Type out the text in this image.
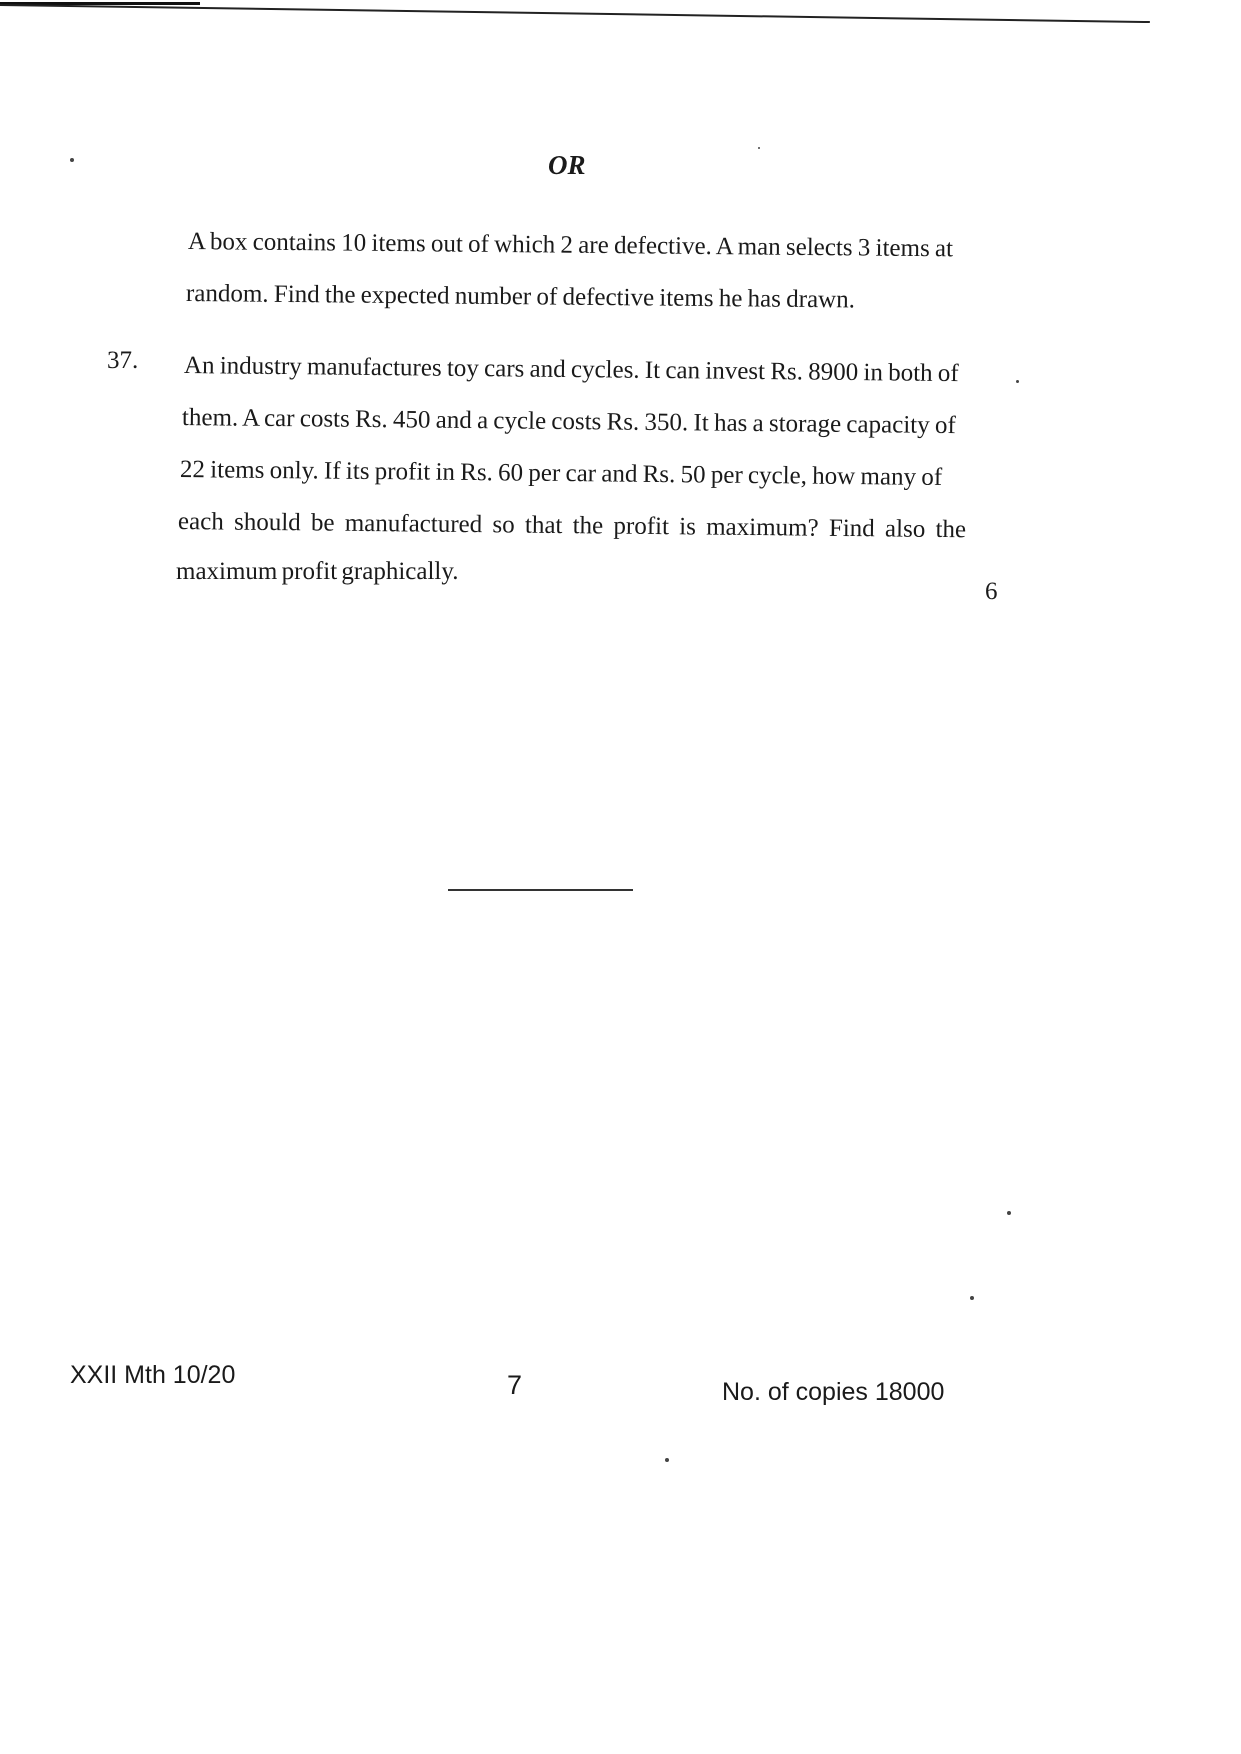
OR
A box contains 10 items out of which 2 are defective. A man selects 3 items at
random. Find the expected number of defective items he has drawn.
37. An industry manufactures toy cars and cycles. It can invest Rs. 8900 in both of
them. A car costs Rs. 450 and a cycle costs Rs. 350. It has a storage capacity of
22 items only. If its profit in Rs. 60 per car and Rs. 50 per cycle, how many of
each should be manufactured so that the profit is maximum? Find also the
maximum profit graphically.
6
XXII Mth 10/20	7	No. of copies 18000
